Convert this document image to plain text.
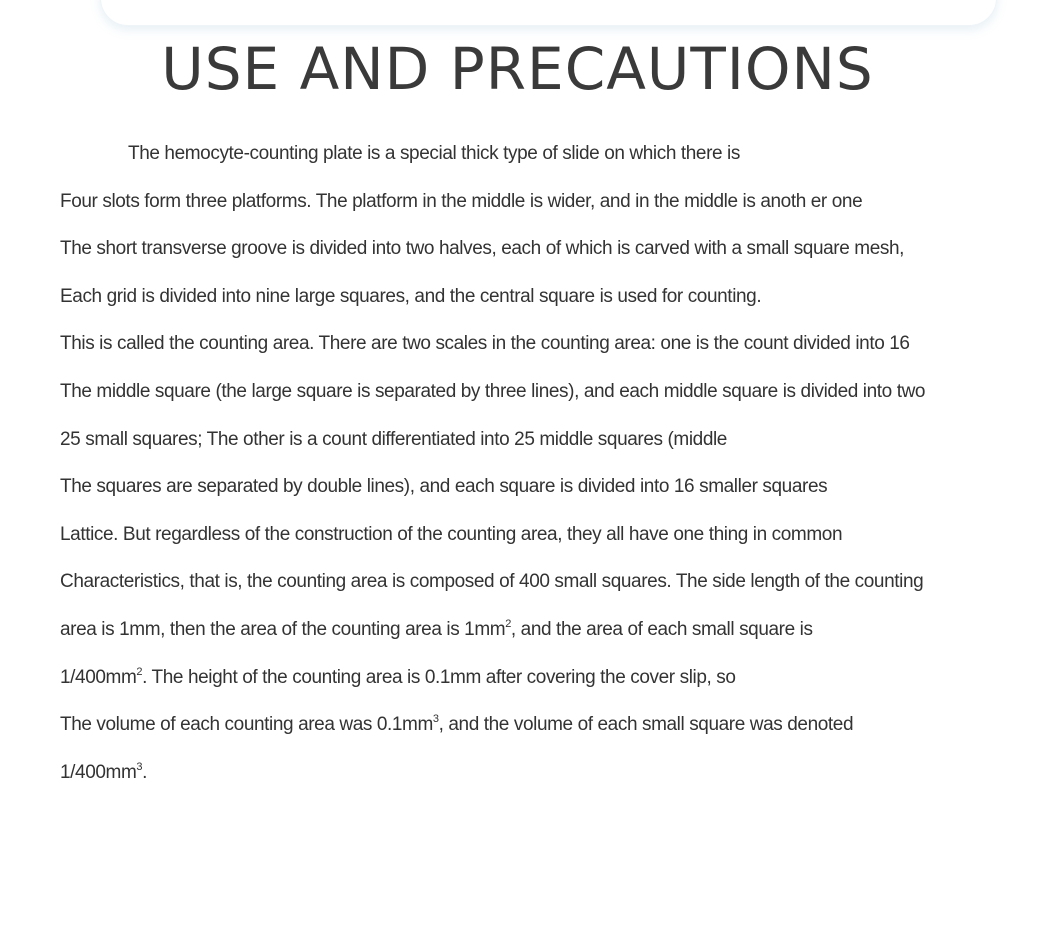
USE AND PRECAUTIONS
The hemocyte-counting plate is a special thick type of slide on which there is
Four slots form three platforms. The platform in the middle is wider, and in the middle is anoth er one
The short transverse groove is divided into two halves, each of which is carved with a small square mesh,
Each grid is divided into nine large squares, and the central square is used for counting.
This is called the counting area. There are two scales in the counting area: one is the count divided into 16
The middle square (the large square is separated by three lines), and each middle square is divided into two
25 small squares; The other is a count differentiated into 25 middle squares (middle
The squares are separated by double lines), and each square is divided into 16 smaller squares
Lattice. But regardless of the construction of the counting area, they all have one thing in common
Characteristics, that is, the counting area is composed of 400 small squares. The side length of the counting
area is 1mm, then the area of the counting area is $1mm^2$, and the area of each small square is
$1/400mm^2$. The height of the counting area is 0.1mm after covering the cover slip, so
The volume of each counting area was $0.1mm^3$, and the volume of each small square was denoted
$1/400mm^3$.
